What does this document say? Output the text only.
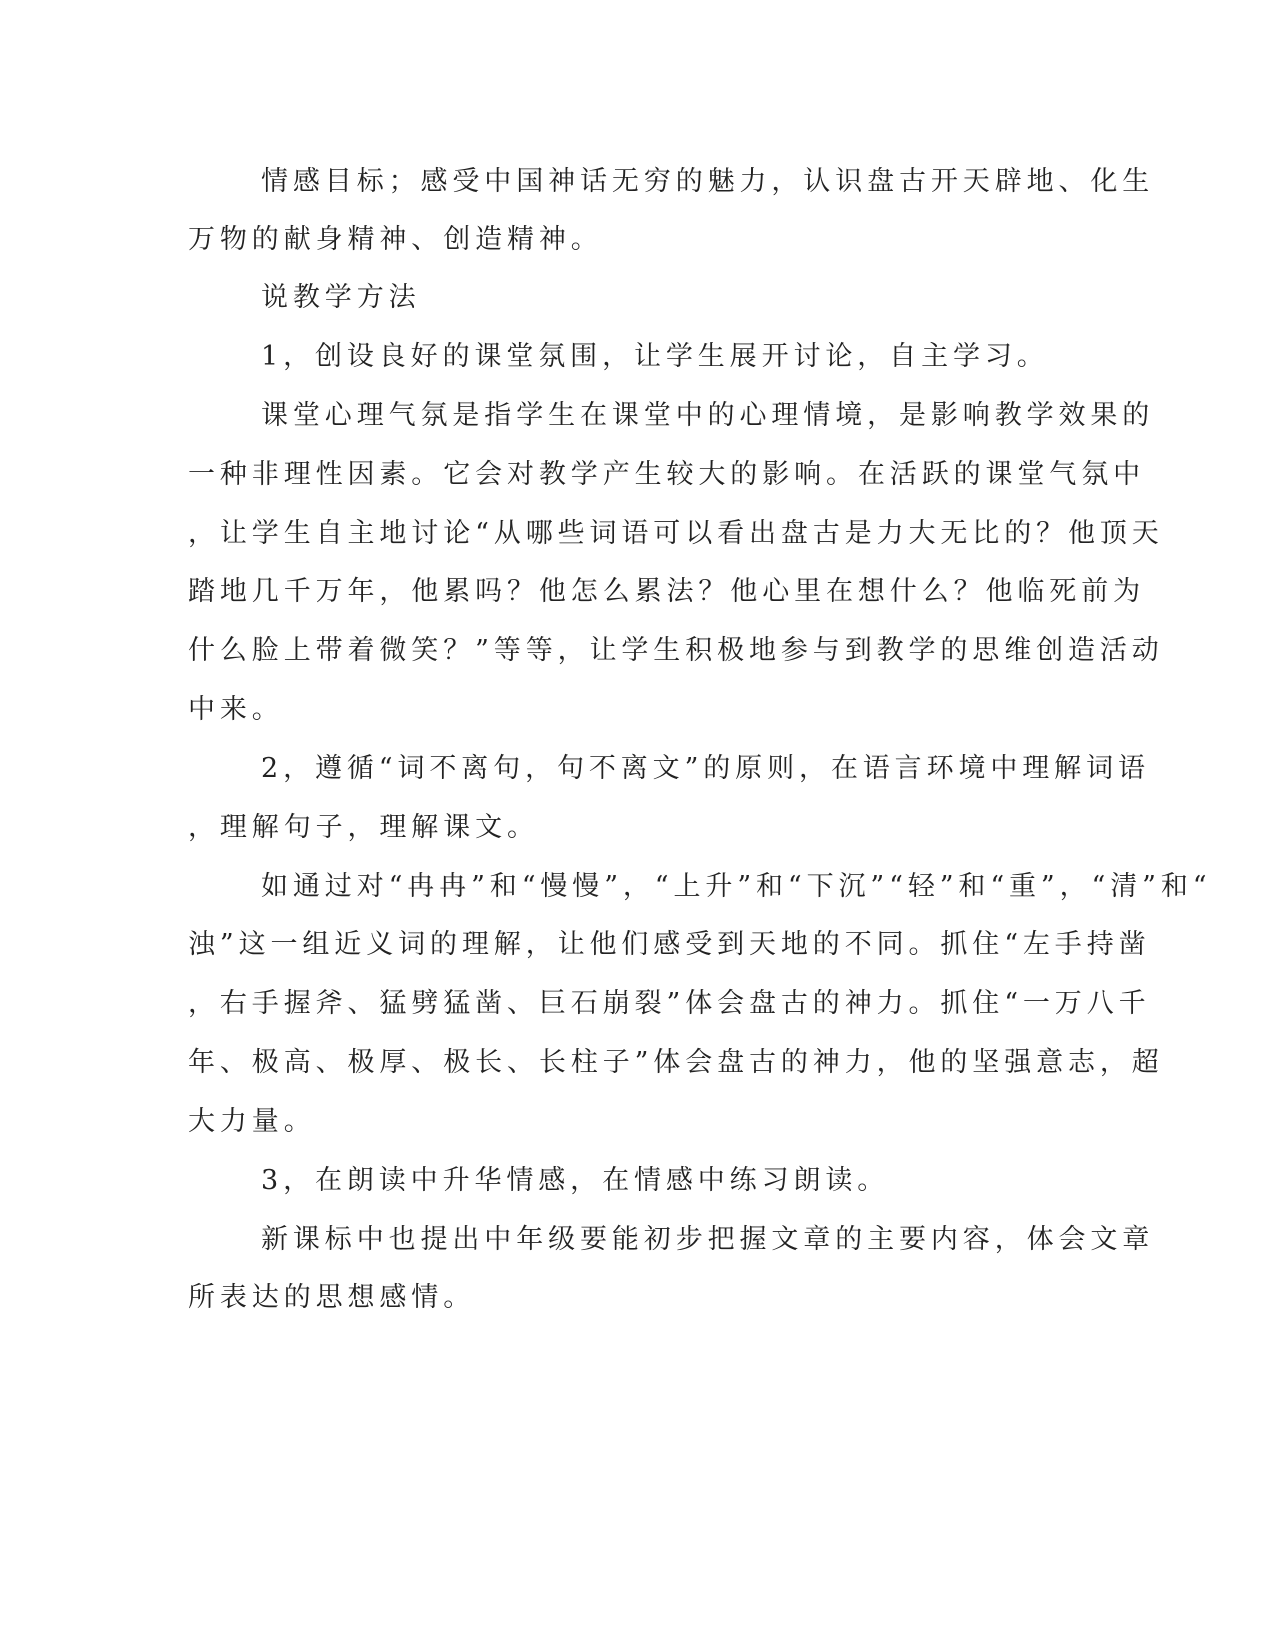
情感目标；感受中国神话无穷的魅力，认识盘古开天辟地、化生
万物的献身精神、创造精神。
说教学方法
1，创设良好的课堂氛围，让学生展开讨论，自主学习。
课堂心理气氛是指学生在课堂中的心理情境，是影响教学效果的
一种非理性因素。它会对教学产生较大的影响。在活跃的课堂气氛中
，让学生自主地讨论“从哪些词语可以看出盘古是力大无比的？他顶天
踏地几千万年，他累吗？他怎么累法？他心里在想什么？他临死前为
什么脸上带着微笑？”等等，让学生积极地参与到教学的思维创造活动
中来。
2，遵循“词不离句，句不离文”的原则，在语言环境中理解词语
，理解句子，理解课文。
如通过对“冉冉”和“慢慢”，“上升”和“下沉”“轻”和“重”，“清”和“
浊”这一组近义词的理解，让他们感受到天地的不同。抓住“左手持凿
，右手握斧、猛劈猛凿、巨石崩裂”体会盘古的神力。抓住“一万八千
年、极高、极厚、极长、长柱子”体会盘古的神力，他的坚强意志，超
大力量。
3，在朗读中升华情感，在情感中练习朗读。
新课标中也提出中年级要能初步把握文章的主要内容，体会文章
所表达的思想感情。
